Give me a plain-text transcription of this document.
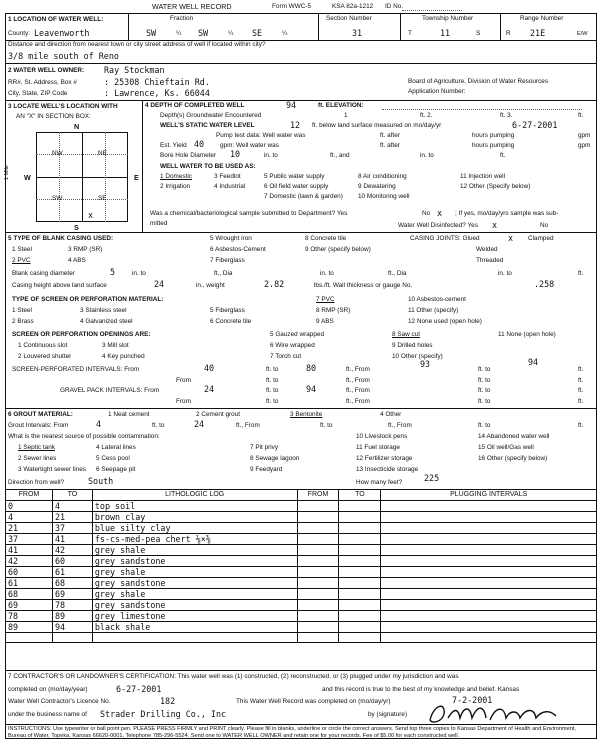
WATER WELL RECORD	Form WWC-5	KSA 82a-1212 ID No.
1 LOCATION OF WATER WELL:	Fraction	Section Number	Township Number	Range Number
County: Leavenworth	SW	¼ SW	¼ SE	¼	31	T	11	S	R 21E	E/W
Distance and direction from nearest town or city street address of well if located within city?
3/8 mile south of Reno
2 WATER WELL OWNER: Ray Stockman
RR#, St. Address, Box #	: 25308 Chieftain Rd.
City, State, ZIP Code	: Lawrence, Ks. 66044
Board of Agriculture, Division of Water Resources
Application Number:
3 LOCATE WELL'S LOCATION WITH
AN "X" IN SECTION BOX:
N
NW	NE
SW	SE
W	E
S
1 Mile
x
4 DEPTH OF COMPLETED WELL	94	ft. ELEVATION:
Depth(s) Groundwater Encountered	1	ft. 2.	ft. 3.	ft.
WELL'S STATIC WATER LEVEL	12 ft. below land surface measured on mo/day/yr	6-27-2001
Pump test data: Well water was	ft. after	hours pumping	gpm
Est. Yield 40 gpm: Well water was	ft. after	hours pumping	gpm
Bore Hole Diameter 10	in. to	ft., and	in. to	ft.
WELL WATER TO BE USED AS:
1 Domestic	3 Feedlot	5 Public water supply	8 Air conditioning	11 Injection well
2 Irrigation	4 Industrial	6 Oil field water supply	9 Dewatering	12 Other (Specify below)
7 Domestic (lawn & garden) 10 Monitoring well
Was a chemical/bacteriological sample submitted to Department? Yes	No x ; If yes, mo/day/yrs sample was sub-
mitted	Water Well Disinfected? Yes x	No
5 TYPE OF BLANK CASING USED:
1 Steel	3 RMP (SR)
2 PVC	4 ABS
5 Wrought iron
6 Asbestos-Cement
7 Fiberglass
8 Concrete tile
9 Other (specify below)
CASING JOINTS: Glued	x Clamped
Welded
Threaded
Blank casing diameter	5	in. to	ft., Dia	in. to	ft., Dia	in. to	ft.
Casing height above land surface	24	in., weight	2.82	lbs./ft. Wall thickness or gauge No.	.258
TYPE OF SCREEN OR PERFORATION MATERIAL:
1 Steel	3 Stainless steel	5 Fiberglass
7 PVC	10 Asbestos-cement
2 Brass	4 Galvanized steel	6 Concrete tile
8 RMP (SR)	11 Other (specify)
9 ABS	12 None used (open hole)
SCREEN OR PERFORATION OPENINGS ARE:	5 Gauzed wrapped	8 Saw cut	11 None (open hole)
1 Continuous slot	3 Mill slot	6 Wire wrapped	9 Drilled holes
2 Louvered shutter	4 Key punched	7 Torch cut	10 Other (specify)
SCREEN-PERFORATED INTERVALS: From	40	ft. to	80	ft., From
93
ft. to
94
ft.
From	ft. to	ft., From	ft. to	ft.
GRAVEL PACK INTERVALS: From	24	ft. to	94	ft., From	ft. to	ft.
From	ft. to	ft., From	ft. to	ft.
6 GROUT MATERIAL:	1 Neat cement	2 Cement grout	3 Bentonite	4 Other
Grout Intervals: From	4	ft. to	24	ft., From	ft. to	ft., From	ft. to	ft.
What is the nearest source of possible contamination:	10 Livestock pens	14 Abandoned water well
1 Septic tank	4 Lateral lines	7 Pit privy	11 Fuel storage	15 Oil well/Gas well
2 Sewer lines	5 Cess pool	8 Sewage lagoon	12 Fertilizer storage	16 Other (specify below)
3 Watertight sewer lines 6 Seepage pit	9 Feedyard	13 Insecticide storage
Direction from well?	South	How many feet?	225
FROM	TO	LITHOLOGIC LOG	FROM	TO	PLUGGING INTERVALS
0	4	top soil			
4	21	brown clay			
21	37	blue silty clay			
37	41	fs-cs-med-pea chert ⅛×⅜			
41	42	grey shale			
42	60	grey sandstone			
60	61	grey shale			
61	68	grey sandstone			
68	69	grey shale			
69	78	grey sandstone			
78	89	grey limestone			
89	94	black shale			

7 CONTRACTOR'S OR LANDOWNER'S CERTIFICATION: This water well was (1) constructed, (2) reconstructed, or (3) plugged under my jurisdiction and was
completed on (mo/day/year)	6-27-2001	and this record is true to the best of my knowledge and belief. Kansas
Water Well Contractor's Licence No.	182	This Water Well Record was completed on (mo/day/yr)	7-2-2001
under the business name of Strader Drilling Co., Inc	by (signature)
INSTRUCTIONS: Use typewriter or ball point pen. PLEASE PRESS FIRMLY and PRINT clearly. Please fill in blanks, underline or circle the correct answers. Send top three copies to Kansas Department of Health and Environment, Bureau of Water, Topeka, Kansas 66620-0001. Telephone 785-296-5524. Send one to WATER WELL OWNER and retain one for your records. Fee of $5.00 for each constructed well.
